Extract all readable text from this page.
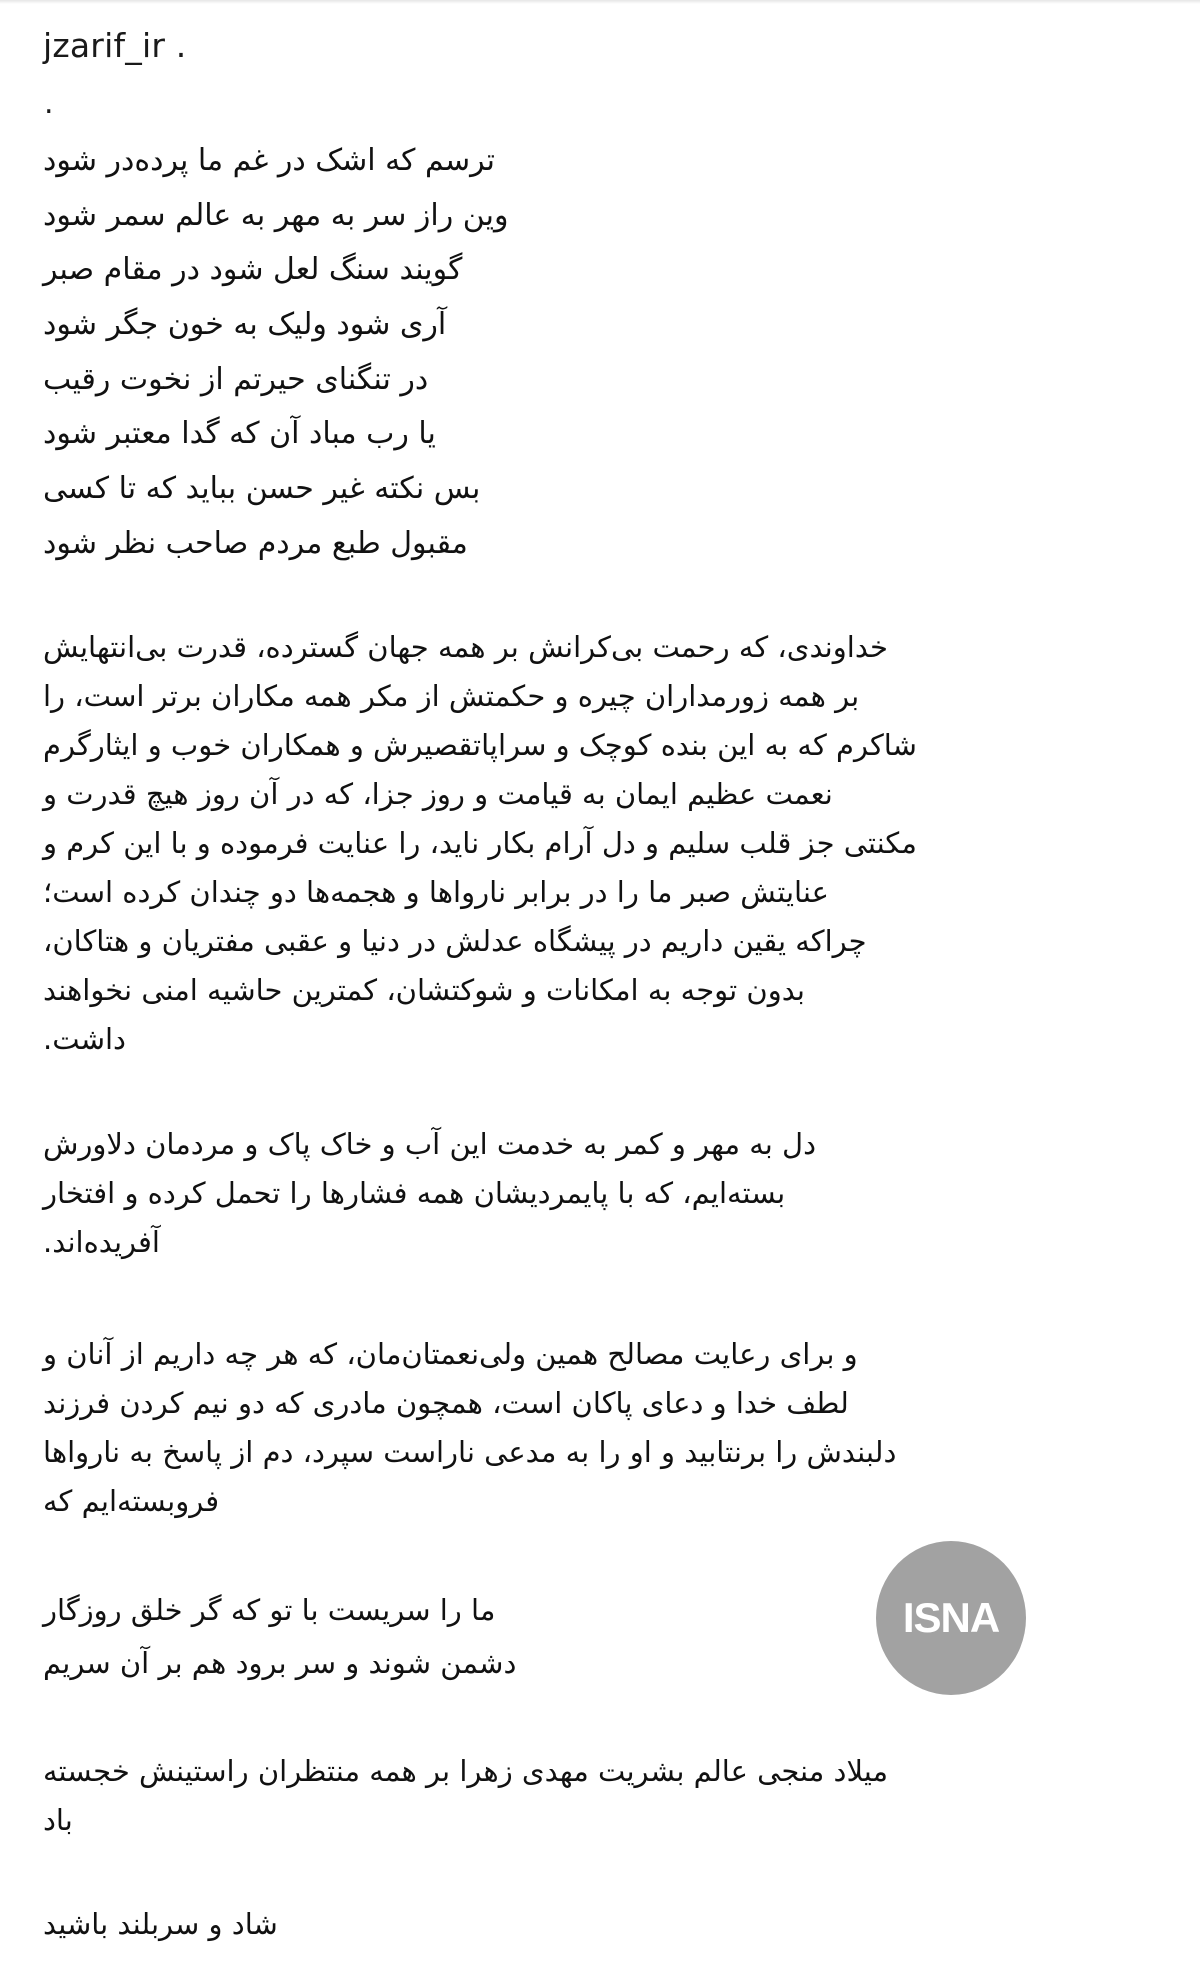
jzarif_ir .
.
ترسم که اشک در غم ما پرده‌در شود
وین راز سر به مهر به عالم سمر شود
گویند سنگ لعل شود در مقام صبر
آری شود ولیک به خون جگر شود
در تنگنای حیرتم از نخوت رقیب
یا رب مباد آن که گدا معتبر شود
بس نکته غیر حسن بباید که تا کسی
مقبول طبع مردم صاحب نظر شود
خداوندی، که رحمت بی‌کرانش بر همه جهان گسترده، قدرت بی‌انتهایش
بر همه زورمداران چیره و حکمتش از مکر همه مکاران برتر است، را
شاکرم که به این بنده کوچک و سراپاتقصیرش و همکاران خوب و ایثارگرم
نعمت عظیم ایمان به قیامت و روز جزا، که در آن روز هیچ قدرت و
مکنتی جز قلب سلیم و دل آرام بکار ناید، را عنایت فرموده و با این کرم و
عنایتش صبر ما را در برابر نارواها و هجمه‌ها دو چندان کرده است؛
چراکه یقین داریم در پیشگاه عدلش در دنیا و عقبی مفتریان و هتاکان،
بدون توجه به امکانات و شوکتشان، کمترین حاشیه امنی نخواهند
داشت.
دل به مهر و کمر به خدمت این آب و خاک پاک و مردمان دلاورش
بسته‌ایم، که با پایمردیشان همه فشارها را تحمل کرده و افتخار
آفریده‌اند.
و برای رعایت مصالح همین ولی‌نعمتان‌مان، که هر چه داریم از آنان و
لطف خدا و دعای پاکان است، همچون مادری که دو نیم کردن فرزند
دلبندش را برنتابید و او را به مدعی ناراست سپرد، دم از پاسخ به نارواها
فروبسته‌ایم که
ما را سریست با تو که گر خلق روزگار
دشمن شوند و سر برود هم بر آن سریم
ISNA
میلاد منجی عالم بشریت مهدی زهرا بر همه منتظران راستینش خجسته
باد
شاد و سربلند باشید
